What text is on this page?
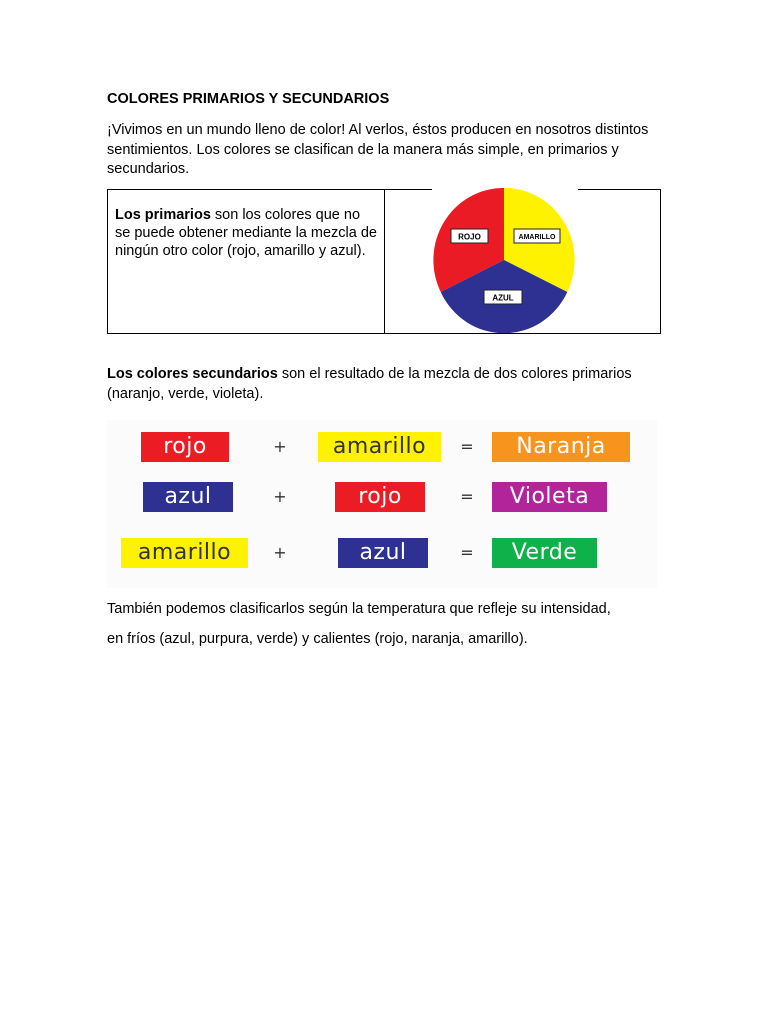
COLORES PRIMARIOS Y SECUNDARIOS

¡Vivimos en un mundo lleno de color! Al verlos, éstos producen en nosotros distintos sentimientos. Los colores se clasifican de la manera más simple, en primarios y secundarios.

Los primarios son los colores que no se puede obtener mediante la mezcla de ningún otro color (rojo, amarillo y azul).

ROJO	AMARILLO
AZUL

Los colores secundarios son el resultado de la mezcla de dos colores primarios (naranjo, verde, violeta).

rojo	+	amarillo	=	Naranja
azul	+	rojo	=	Violeta
amarillo	+	azul	=	Verde

También podemos clasificarlos según la temperatura que refleje su intensidad,

en fríos (azul, purpura, verde) y calientes (rojo, naranja, amarillo).
